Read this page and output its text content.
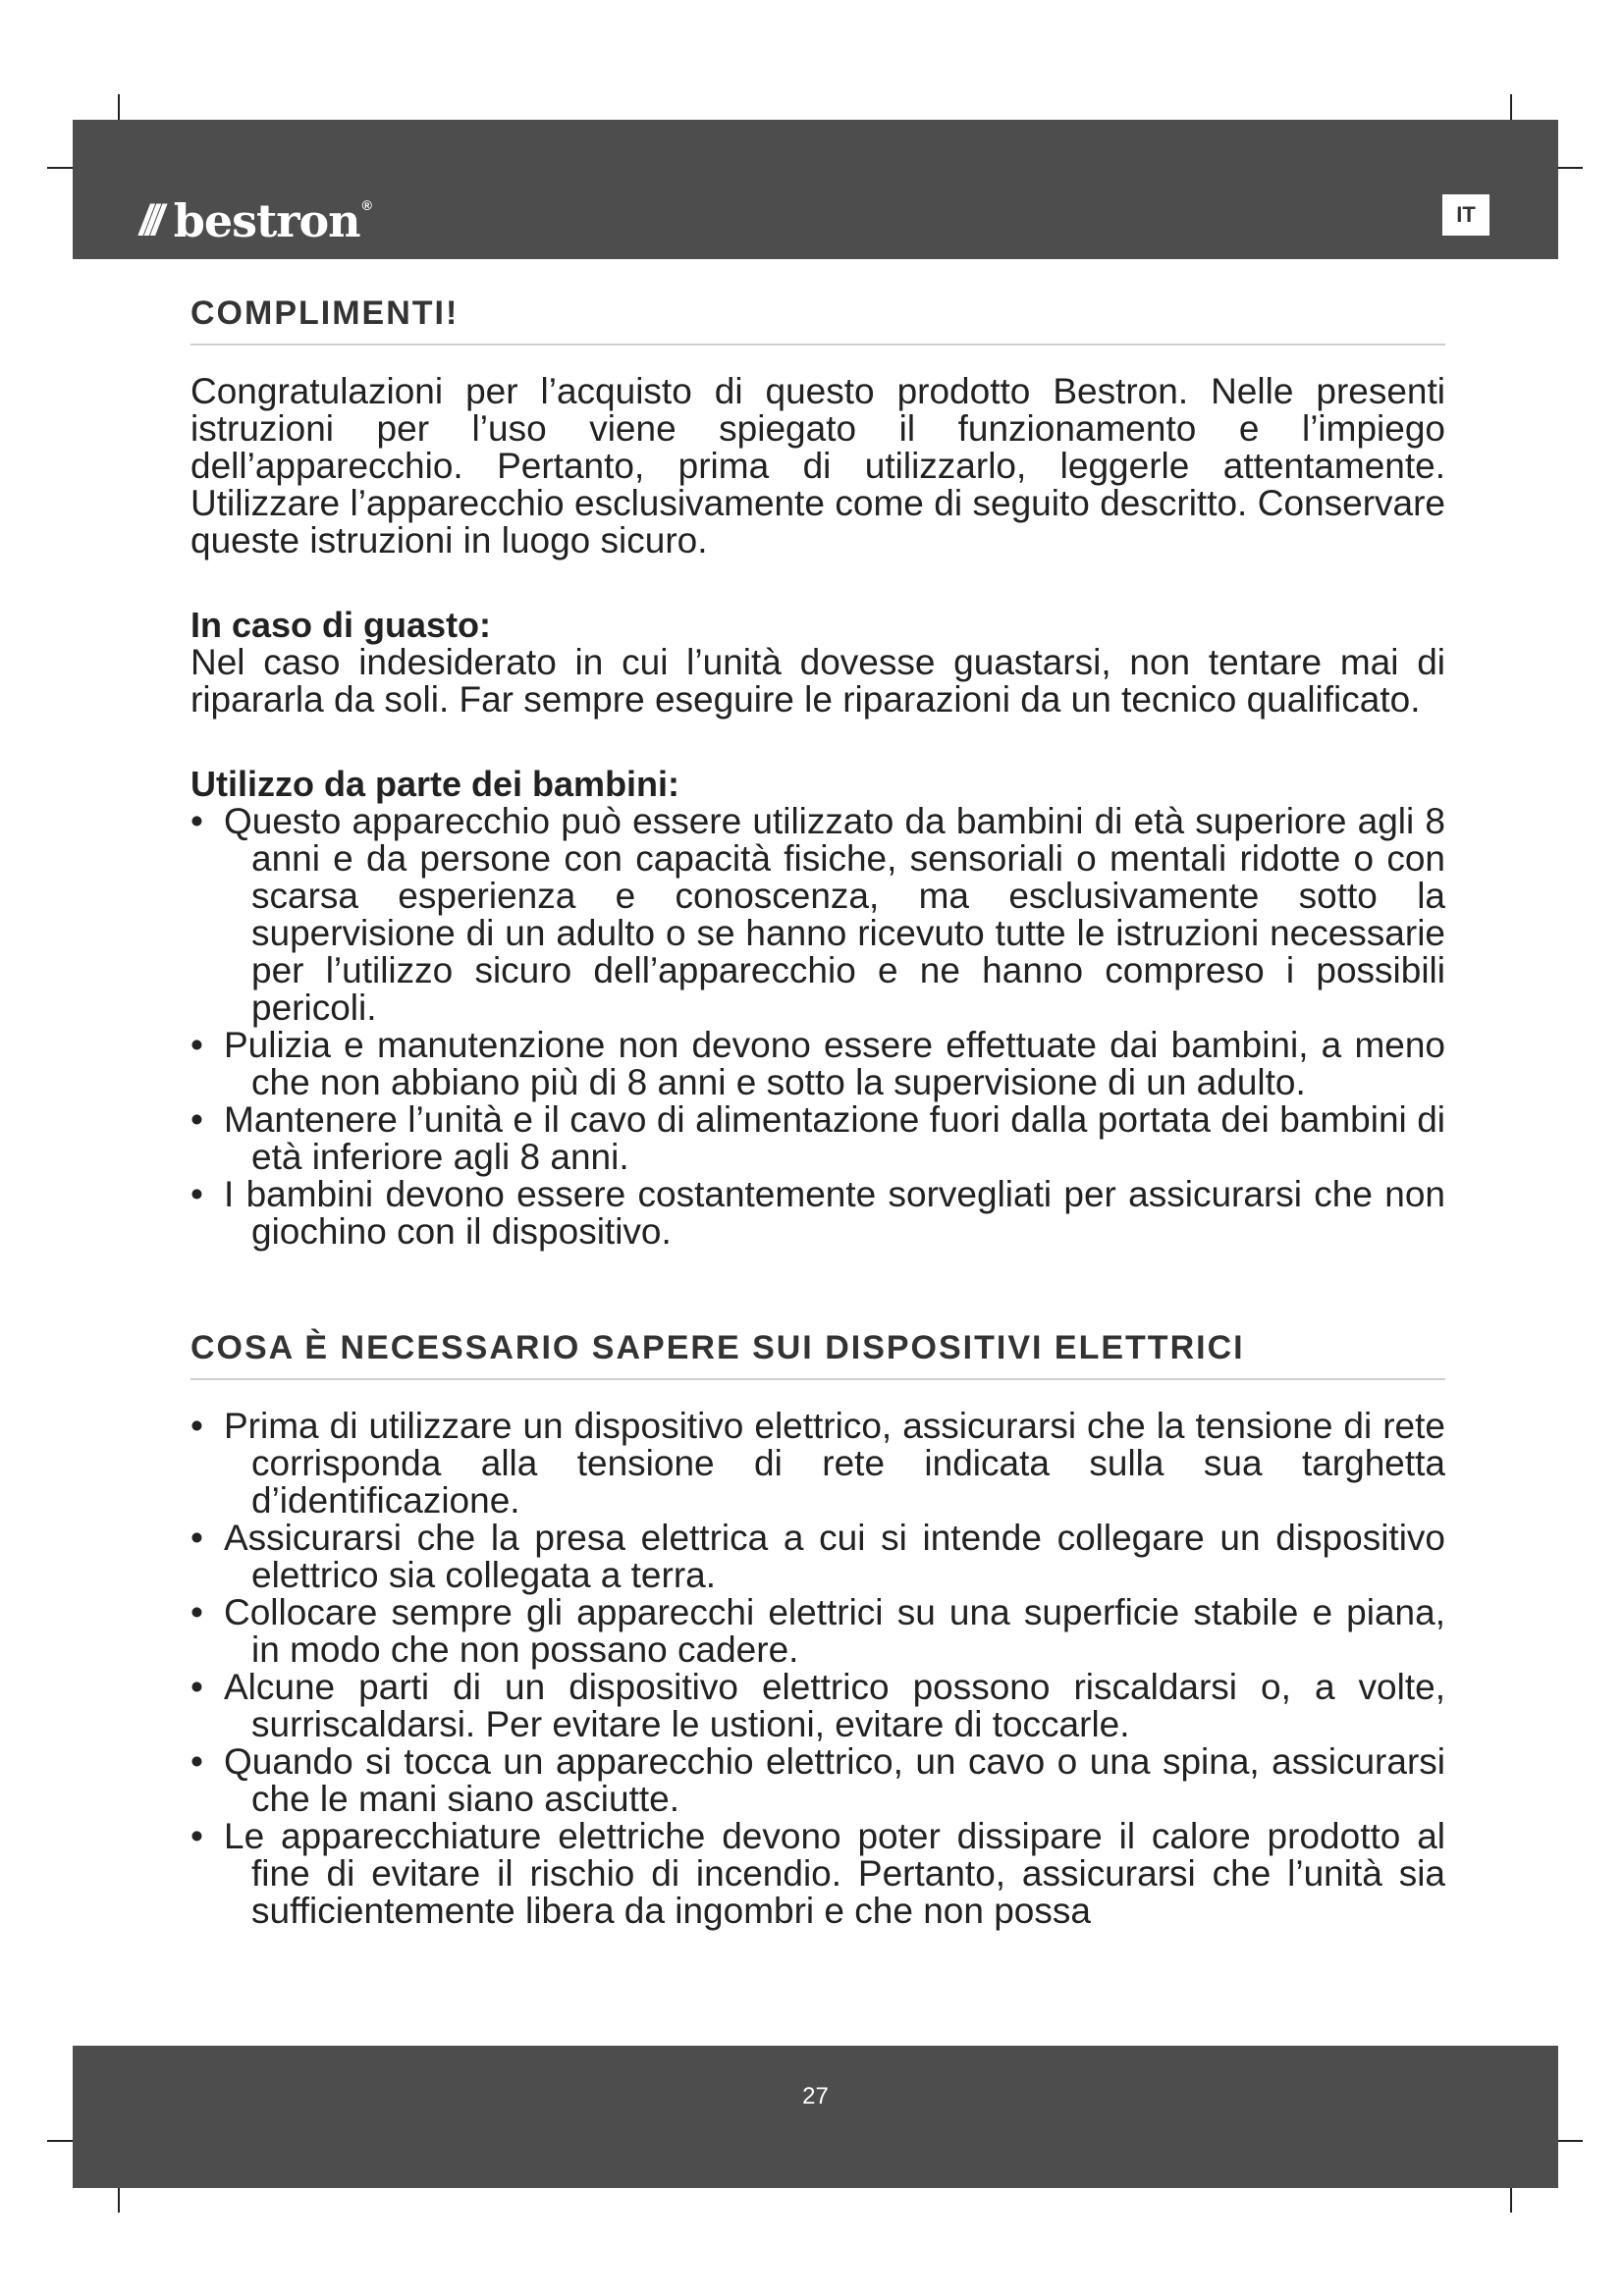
/// bestron ®	IT
COMPLIMENTI!

Congratulazioni per l’acquisto di questo prodotto Bestron. Nelle presenti istruzioni per l’uso viene spiegato il funzionamento e l’impiego dell’apparecchio. Pertanto, prima di utilizzarlo, leggerle attentamente. Utilizzare l’apparecchio esclusivamente come di seguito descritto. Conservare queste istruzioni in luogo sicuro.

In caso di guasto:

Nel caso indesiderato in cui l’unità dovesse guastarsi, non tentare mai di ripararla da soli. Far sempre eseguire le riparazioni da un tecnico qualificato.

Utilizzo da parte dei bambini:
• Questo apparecchio può essere utilizzato da bambini di età superiore agli 8 anni e da persone con capacità fisiche, sensoriali o mentali ridotte o con scarsa esperienza e conoscenza, ma esclusivamente sotto la supervisione di un adulto o se hanno ricevuto tutte le istruzioni necessarie per l’utilizzo sicuro dell’apparecchio e ne hanno compreso i possibili pericoli.
• Pulizia e manutenzione non devono essere effettuate dai bambini, a meno che non abbiano più di 8 anni e sotto la supervisione di un adulto.
• Mantenere l’unità e il cavo di alimentazione fuori dalla portata dei bambini di età inferiore agli 8 anni.
• I bambini devono essere costantemente sorvegliati per assicurarsi che non giochino con il dispositivo.
COSA È NECESSARIO SAPERE SUI DISPOSITIVI ELETTRICI
• Prima di utilizzare un dispositivo elettrico, assicurarsi che la tensione di rete corrisponda alla tensione di rete indicata sulla sua targhetta d’identificazione.
• Assicurarsi che la presa elettrica a cui si intende collegare un dispositivo elettrico sia collegata a terra.
• Collocare sempre gli apparecchi elettrici su una superficie stabile e piana, in modo che non possano cadere.
• Alcune parti di un dispositivo elettrico possono riscaldarsi o, a volte, surriscaldarsi. Per evitare le ustioni, evitare di toccarle.
• Quando si tocca un apparecchio elettrico, un cavo o una spina, assicurarsi che le mani siano asciutte.
• Le apparecchiature elettriche devono poter dissipare il calore prodotto al fine di evitare il rischio di incendio. Pertanto, assicurarsi che l’unità sia sufficientemente libera da ingombri e che non possa
27
